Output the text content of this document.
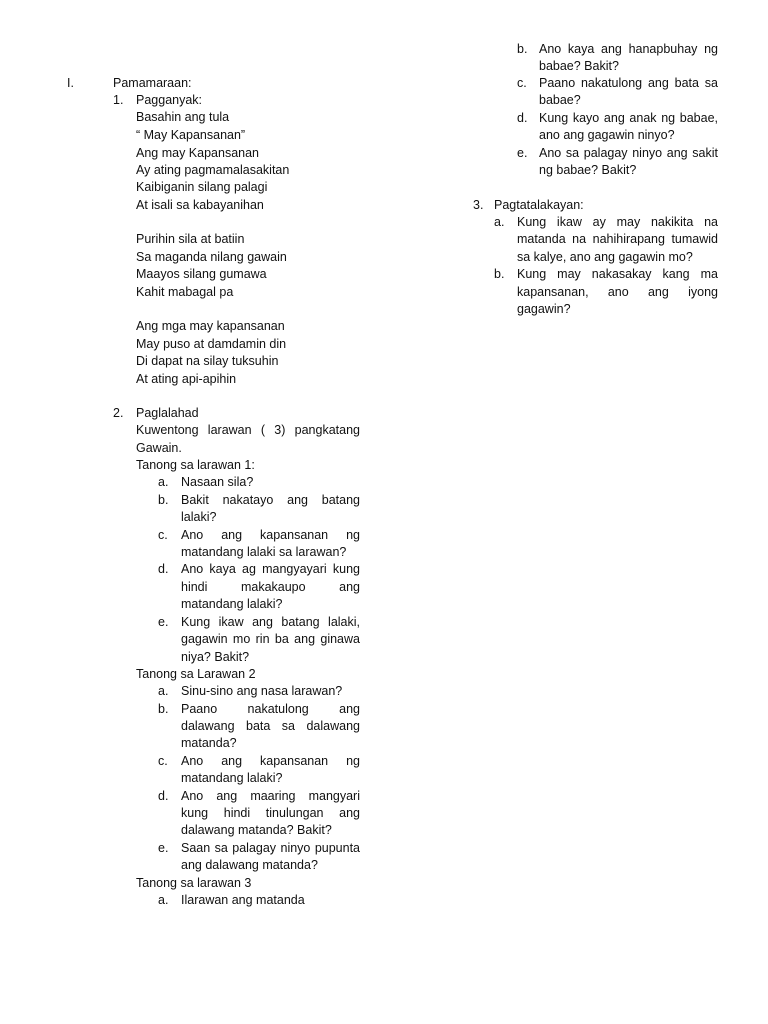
I.	Pamamaraan:
1. Pagganyak:
Basahin ang tula
“ May Kapansanan”
Ang may Kapansanan
Ay ating pagmamalasakitan
Kaibiganin silang palagi
At isali sa kabayanihan
Purihin sila at batiin
Sa maganda nilang gawain
Maayos silang gumawa
Kahit mabagal pa
Ang mga may kapansanan
May puso at damdamin din
Di dapat na silay tuksuhin
At ating api-apihin
2. Paglalahad
Kuwentong larawan ( 3) pangkatang
Gawain.
Tanong sa larawan 1:
a. Nasaan sila?
b. Bakit nakatayo ang batang
lalaki?
c. Ano ang kapansanan ng
matandang lalaki sa larawan?
d. Ano kaya ag mangyayari kung
hindi makakaupo ang
matandang lalaki?
e. Kung ikaw ang batang lalaki,
gagawin mo rin ba ang ginawa
niya? Bakit?
Tanong sa Larawan 2
a. Sinu-sino ang nasa larawan?
b. Paano nakatulong ang
dalawang bata sa dalawang
matanda?
c. Ano ang kapansanan ng
matandang lalaki?
d. Ano ang maaring mangyari
kung hindi tinulungan ang
dalawang matanda? Bakit?
e. Saan sa palagay ninyo pupunta
ang dalawang matanda?
Tanong sa larawan 3
a. Ilarawan ang matanda
b. Ano kaya ang hanapbuhay ng
babae? Bakit?
c. Paano nakatulong ang bata sa
babae?
d. Kung kayo ang anak ng babae,
ano ang gagawin ninyo?
e. Ano sa palagay ninyo ang sakit
ng babae? Bakit?
3. Pagtatalakayan:
a. Kung ikaw ay may nakikita na
matanda na nahihirapang tumawid
sa kalye, ano ang gagawin mo?
b. Kung may nakasakay kang ma
kapansanan, ano ang iyong
gagawin?
